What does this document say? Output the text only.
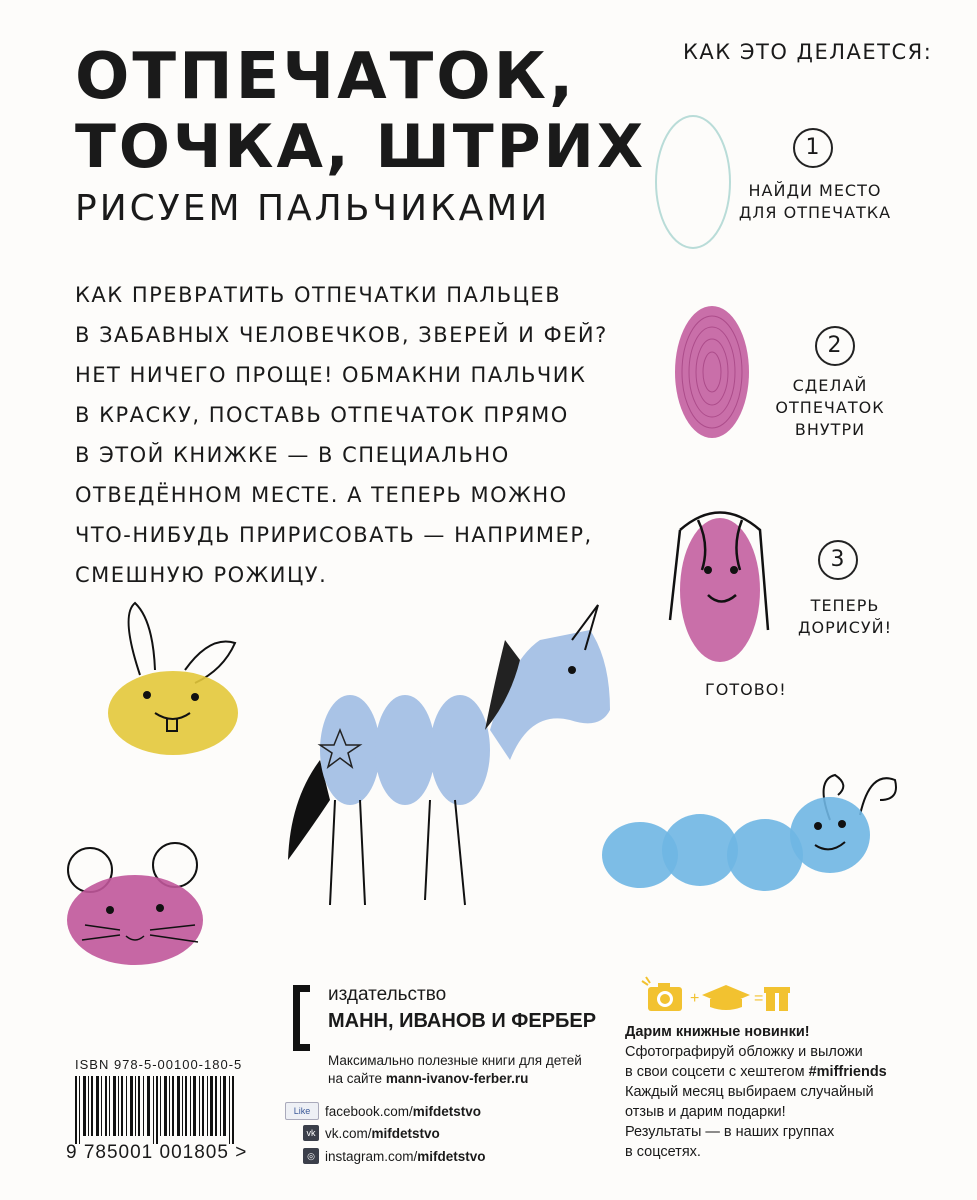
ОТПЕЧАТОК,
ТОЧКА, ШТРИХ
РИСУЕМ ПАЛЬЧИКАМИ
КАК ПРЕВРАТИТЬ ОТПЕЧАТКИ ПАЛЬЦЕВ
В ЗАБАВНЫХ ЧЕЛОВЕЧКОВ, ЗВЕРЕЙ И ФЕЙ?
НЕТ НИЧЕГО ПРОЩЕ! ОБМАКНИ ПАЛЬЧИК
В КРАСКУ, ПОСТАВЬ ОТПЕЧАТОК ПРЯМО
В ЭТОЙ КНИЖКЕ — В СПЕЦИАЛЬНО
ОТВЕДЁННОМ МЕСТЕ. А ТЕПЕРЬ МОЖНО
ЧТО-НИБУДЬ ПРИРИСОВАТЬ — НАПРИМЕР,
СМЕШНУЮ РОЖИЦУ.
КАК ЭТО ДЕЛАЕТСЯ:
1
НАЙДИ МЕСТО
ДЛЯ ОТПЕЧАТКА
2
СДЕЛАЙ
ОТПЕЧАТОК
ВНУТРИ
3
ТЕПЕРЬ
ДОРИСУЙ!
ГОТОВО!
издательство
МАНН, ИВАНОВ И ФЕРБЕР
Максимально полезные книги для детей
на сайте mann-ivanov-ferber.ru
Like	facebook.com/mifdetstvo
vk vk.com/mifdetstvo
◎ instagram.com/mifdetstvo
ISBN 978-5-00100-180-5
9 785001 001805 >
+	=
Дарим книжные новинки!
Сфотографируй обложку и выложи
в свои соцсети с хештегом #miffriends
Каждый месяц выбираем случайный
отзыв и дарим подарки!
Результаты — в наших группах
в соцсетях.
